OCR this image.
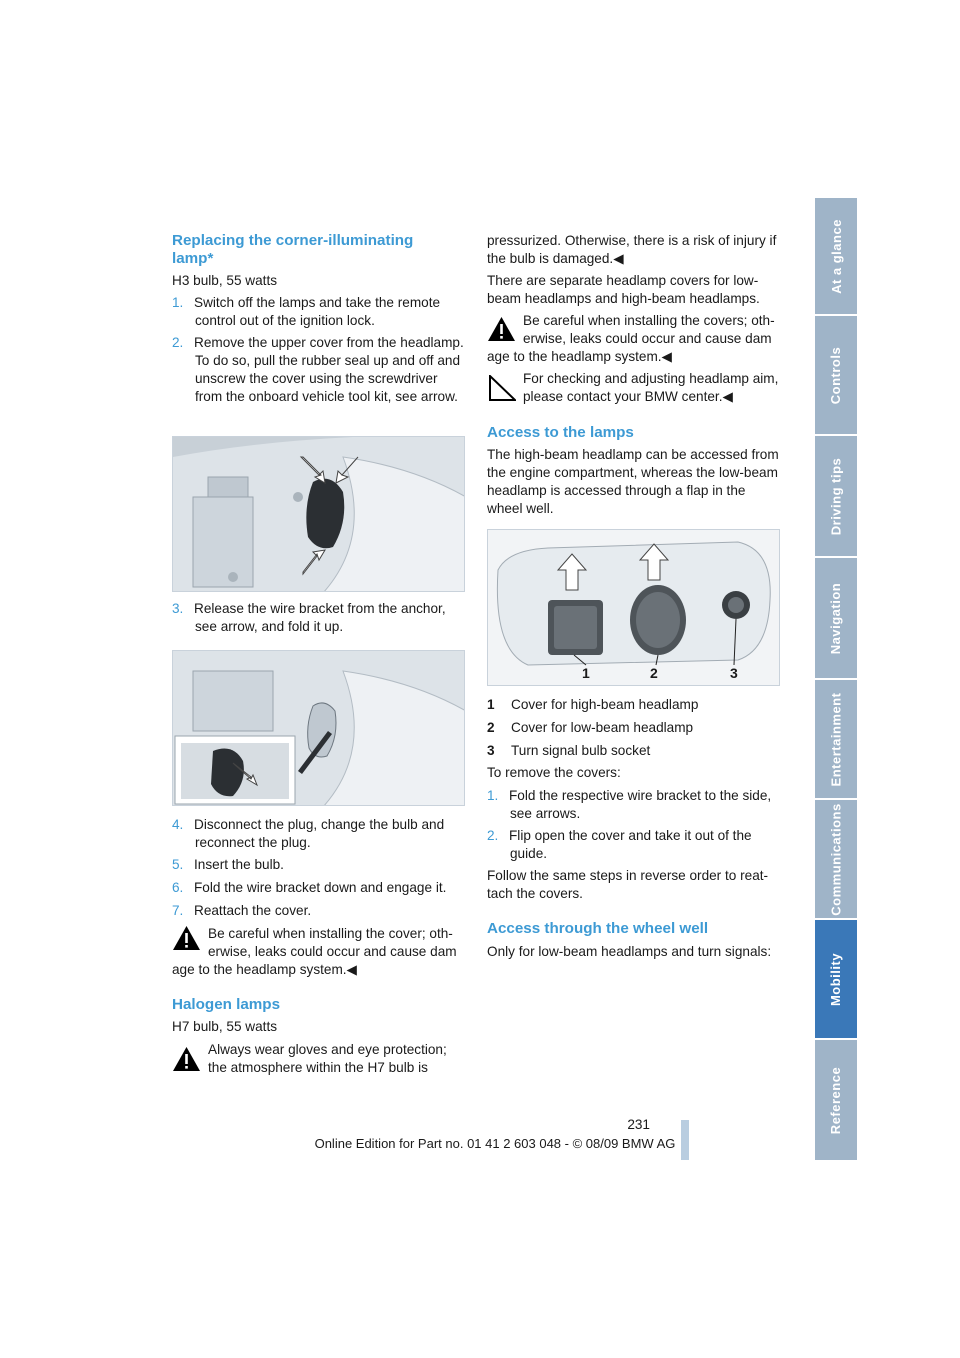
Replacing the corner-illuminating lamp*
H3 bulb, 55 watts
1. Switch off the lamps and take the remote control out of the ignition lock.
2. Remove the upper cover from the headlamp. To do so, pull the rubber seal up and off and unscrew the cover using the screwdriver from the onboard vehicle tool kit, see arrow.
3. Release the wire bracket from the anchor, see arrow, and fold it up.
4. Disconnect the plug, change the bulb and reconnect the plug.
5. Insert the bulb.
6. Fold the wire bracket down and engage it.
7. Reattach the cover.
Be careful when installing the cover; otherwise, leaks could occur and cause dam
age to the headlamp system.◀
Halogen lamps
H7 bulb, 55 watts
Always wear gloves and eye protection; the atmosphere within the H7 bulb is
pressurized. Otherwise, there is a risk of injury if the bulb is damaged.◀
There are separate headlamp covers for low-beam headlamps and high-beam headlamps.
Be careful when installing the covers; otherwise, leaks could occur and cause dam
age to the headlamp system.◀
For checking and adjusting headlamp aim, please contact your BMW center.◀
Access to the lamps
The high-beam headlamp can be accessed from the engine compartment, whereas the low-beam headlamp is accessed through a flap in the wheel well.
1	2	3
1 Cover for high-beam headlamp
2 Cover for low-beam headlamp
3 Turn signal bulb socket
To remove the covers:
1. Fold the respective wire bracket to the side, see arrows.
2. Flip open the cover and take it out of the guide.
Follow the same steps in reverse order to reattach the covers.
Access through the wheel well
Only for low-beam headlamps and turn signals:
At a glance
Controls
Driving tips
Navigation
Entertainment
Communications
Mobility
Reference
231
Online Edition for Part no. 01 41 2 603 048 - © 08/09 BMW AG
